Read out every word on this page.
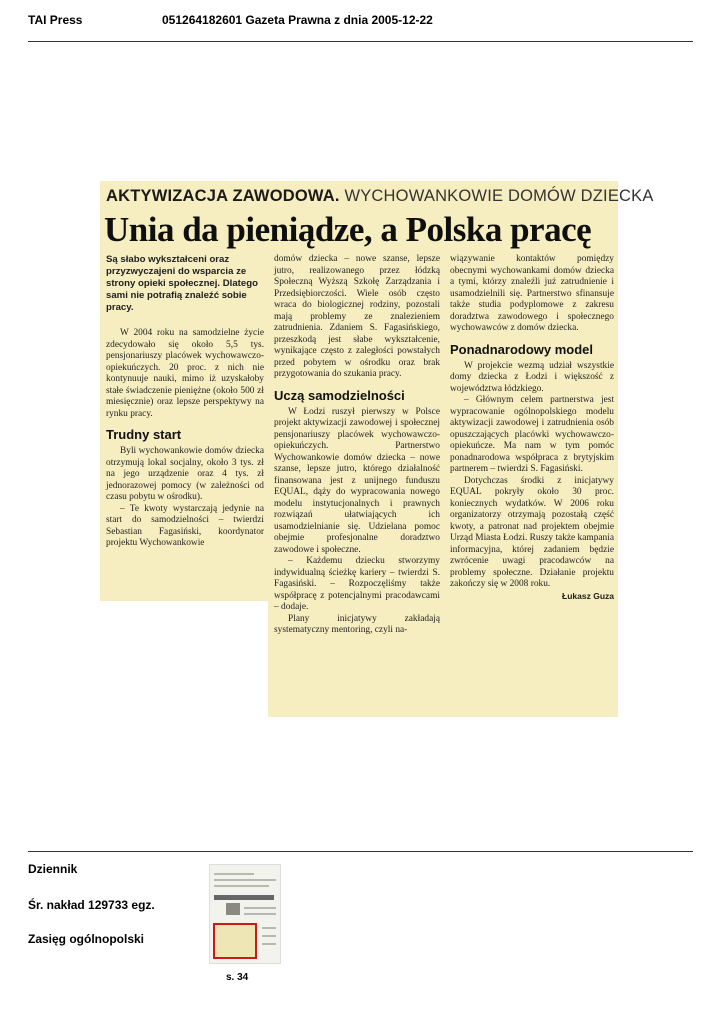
TAI Press	051264182601 Gazeta Prawna z dnia 2005-12-22
AKTYWIZACJA ZAWODOWA. WYCHOWANKOWIE DOMÓW DZIECKA
Unia da pieniądze, a Polska pracę
Są słabo wykształceni oraz przyzwyczajeni do wsparcia ze strony opieki społecznej. Dlatego sami nie potrafią znaleźć sobie pracy.

W 2004 roku na samodzielne życie zdecydowało się około 5,5 tys. pensjonariuszy placówek wychowawczo-opiekuńczych. 20 proc. z nich nie kontynuuje nauki, mimo iż uzyskałoby stałe świadczenie pieniężne (około 500 zł miesięcznie) oraz lepsze perspektywy na rynku pracy.

Trudny start

Byli wychowankowie domów dziecka otrzymują lokal socjalny, około 3 tys. zł na jego urządzenie oraz 4 tys. zł jednorazowej pomocy (w zależności od czasu pobytu w ośrodku).

– Te kwoty wystarczają jedynie na start do samodzielności – twierdzi Sebastian Fagasiński, koordynator projektu Wychowankowie

domów dziecka – nowe szanse, lepsze jutro, realizowanego przez łódzką Społeczną Wyższą Szkołę Zarządzania i Przedsiębiorczości. Wiele osób często wraca do biologicznej rodziny, pozostali mają problemy ze znalezieniem zatrudnienia. Zdaniem S. Fagasińskiego, przeszkodą jest słabe wykształcenie, wynikające często z zaległości powstałych przed pobytem w ośrodku oraz brak przygotowania do szukania pracy.

Uczą samodzielności

W Łodzi ruszył pierwszy w Polsce projekt aktywizacji zawodowej i społecznej pensjonariuszy placówek wychowawczo-opiekuńczych. Partnerstwo Wychowankowie domów dziecka – nowe szanse, lepsze jutro, którego działalność finansowana jest z unijnego funduszu EQUAL, dąży do wypracowania nowego modelu instytucjonalnych i prawnych rozwiązań ułatwiających ich usamodzielnianie się. Udzielana pomoc obejmie profesjonalne doradztwo zawodowe i społeczne.

– Każdemu dziecku stworzymy indywidualną ścieżkę kariery – twierdzi S. Fagasiński. – Rozpoczęliśmy także współpracę z potencjalnymi pracodawcami – dodaje.

Plany inicjatywy zakładają systematyczny mentoring, czyli na-

wiązywanie kontaktów pomiędzy obecnymi wychowankami domów dziecka a tymi, którzy znaleźli już zatrudnienie i usamodzielnili się. Partnerstwo sfinansuje także studia podyplomowe z zakresu doradztwa zawodowego i społecznego wychowawców z domów dziecka.

Ponadnarodowy model

W projekcie wezmą udział wszystkie domy dziecka z Łodzi i większość z województwa łódzkiego.

– Głównym celem partnerstwa jest wypracowanie ogólnopolskiego modelu aktywizacji zawodowej i zatrudnienia osób opuszczających placówki wychowawczo-opiekuńcze. Ma nam w tym pomóc ponadnarodowa współpraca z brytyjskim partnerem – twierdzi S. Fagasiński.

Dotychczas środki z inicjatywy EQUAL pokryły około 30 proc. koniecznych wydatków. W 2006 roku organizatorzy otrzymają pozostałą część kwoty, a patronat nad projektem obejmie Urząd Miasta Łodzi. Ruszy także kampania informacyjna, której zadaniem będzie zwrócenie uwagi pracodawców na problemy społeczne. Działanie projektu zakończy się w 2008 roku.
Łukasz Guza

Dziennik
Śr. nakład 129733 egz.
Zasięg ogólnopolski
s. 34
